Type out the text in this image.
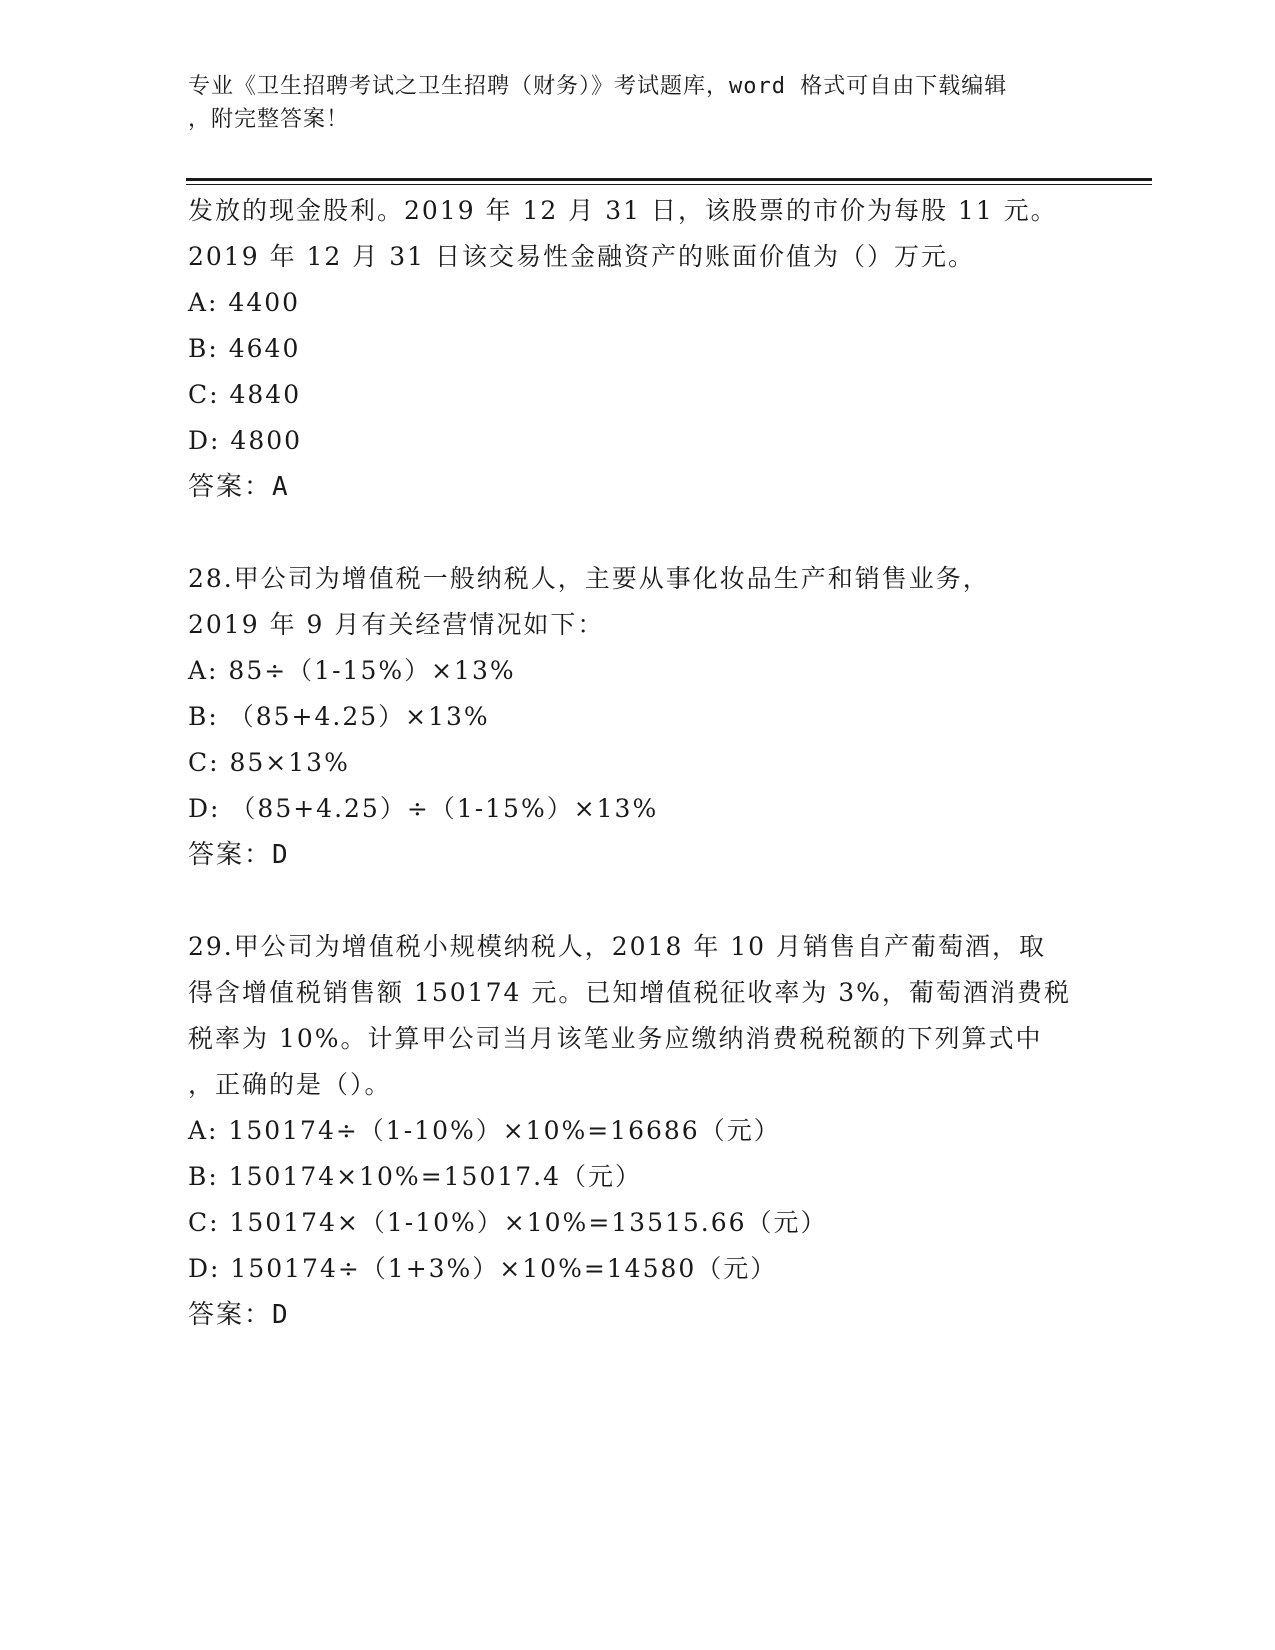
专业《卫生招聘考试之卫生招聘（财务）》考试题库，word 格式可自由下载编辑
，附完整答案！
发放的现金股利。2019 年 12 月 31 日，该股票的市价为每股 11 元。
2019 年 12 月 31 日该交易性金融资产的账面价值为（）万元。
A: 4400
B: 4640
C: 4840
D: 4800
答案：A
28.甲公司为增值税一般纳税人，主要从事化妆品生产和销售业务，
2019 年 9 月有关经营情况如下：
A: 85÷（1-15%）×13%
B: （85+4.25）×13%
C: 85×13%
D: （85+4.25）÷（1-15%）×13%
答案：D
29.甲公司为增值税小规模纳税人，2018 年 10 月销售自产葡萄酒，取
得含增值税销售额 150174 元。已知增值税征收率为 3%，葡萄酒消费税
税率为 10%。计算甲公司当月该笔业务应缴纳消费税税额的下列算式中
，正确的是（）。
A: 150174÷（1-10%）×10%=16686（元）
B: 150174×10%=15017.4（元）
C: 150174×（1-10%）×10%=13515.66（元）
D: 150174÷（1+3%）×10%=14580（元）
答案：D
